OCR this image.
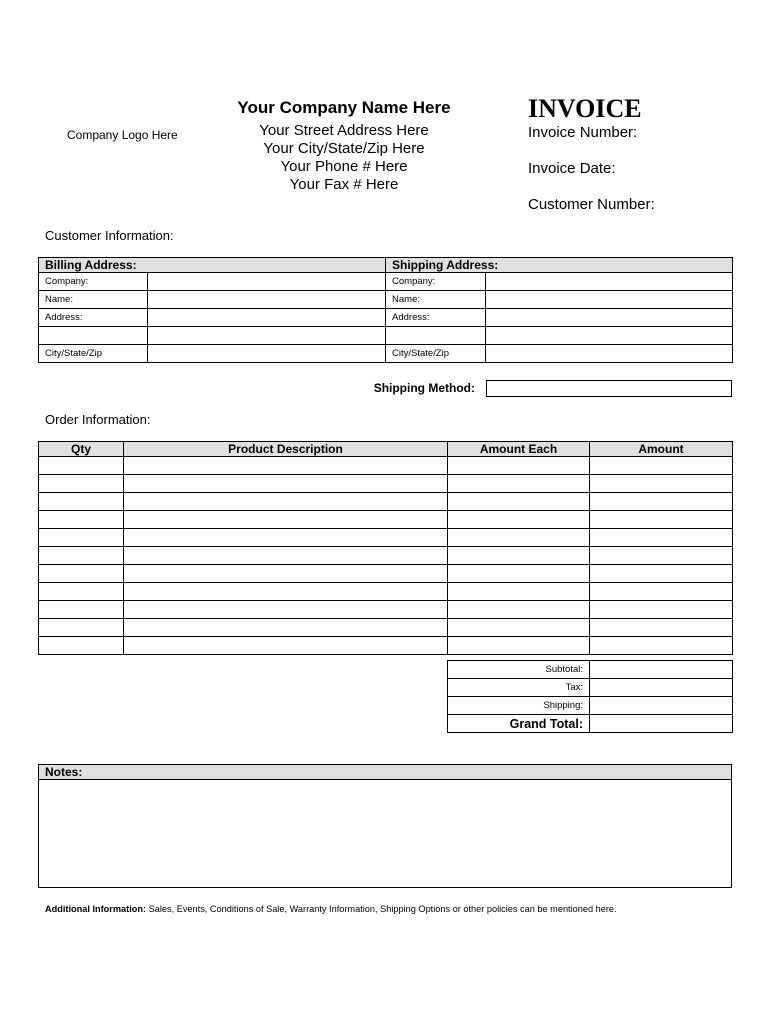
Company Logo Here
Your Company Name Here
Your Street Address Here
Your City/State/Zip Here
Your Phone # Here
Your Fax # Here
INVOICE
Invoice Number:
Invoice Date:
Customer Number:
Customer Information:
Billing Address:		Shipping Address:	
Company:		Company:	
Name:		Name:	
Address:		Address:	

City/State/Zip		City/State/Zip	
Shipping Method:
Order Information:
Qty	Product Description	Amount Each	Amount

Subtotal:	
Tax:	
Shipping:	
Grand Total:	
Notes:
Additional Information: Sales, Events, Conditions of Sale, Warranty Information, Shipping Options or other policies can be mentioned here.
